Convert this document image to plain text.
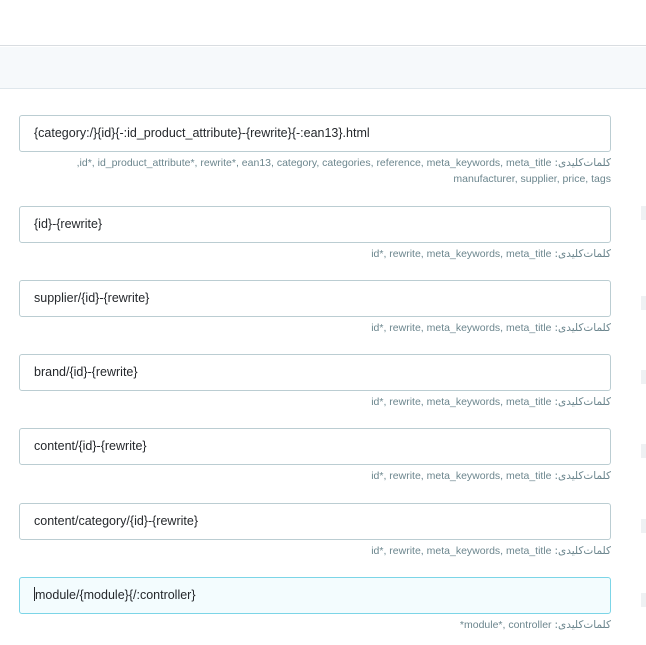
{category:/}{id}{-:id_product_attribute}-{rewrite}{-:ean13}.html
کلمات‌کلیدی: id*, id_product_attribute*, rewrite*, ean13, category, categories, reference, meta_keywords, meta_title,
manufacturer, supplier, price, tags
{id}-{rewrite}
کلمات‌کلیدی: id*, rewrite, meta_keywords, meta_title
supplier/{id}-{rewrite}
کلمات‌کلیدی: id*, rewrite, meta_keywords, meta_title
brand/{id}-{rewrite}
کلمات‌کلیدی: id*, rewrite, meta_keywords, meta_title
content/{id}-{rewrite}
کلمات‌کلیدی: id*, rewrite, meta_keywords, meta_title
content/category/{id}-{rewrite}
کلمات‌کلیدی: id*, rewrite, meta_keywords, meta_title
module/{module}{/:controller}
کلمات‌کلیدی: module*, controller*
